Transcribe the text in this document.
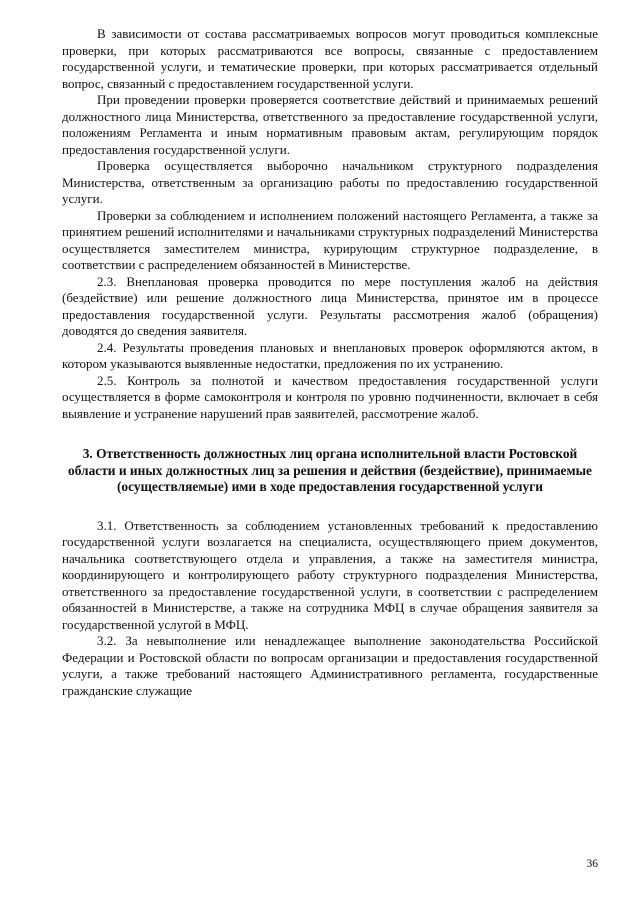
В зависимости от состава рассматриваемых вопросов могут проводиться комплексные проверки, при которых рассматриваются все вопросы, связанные с предоставлением государственной услуги, и тематические проверки, при которых рассматривается отдельный вопрос, связанный с предоставлением государственной услуги.

При проведении проверки проверяется соответствие действий и принимаемых решений должностного лица Министерства, ответственного за предоставление государственной услуги, положениям Регламента и иным нормативным правовым актам, регулирующим порядок предоставления государственной услуги.

Проверка осуществляется выборочно начальником структурного подразделения Министерства, ответственным за организацию работы по предоставлению государственной услуги.

Проверки за соблюдением и исполнением положений настоящего Регламента, а также за принятием решений исполнителями и начальниками структурных подразделений Министерства осуществляется заместителем министра, курирующим структурное подразделение, в соответствии с распределением обязанностей в Министерстве.

2.3. Внеплановая проверка проводится по мере поступления жалоб на действия (бездействие) или решение должностного лица Министерства, принятое им в процессе предоставления государственной услуги. Результаты рассмотрения жалоб (обращения) доводятся до сведения заявителя.

2.4. Результаты проведения плановых и внеплановых проверок оформляются актом, в котором указываются выявленные недостатки, предложения по их устранению.

2.5. Контроль за полнотой и качеством предоставления государственной услуги осуществляется в форме самоконтроля и контроля по уровню подчиненности, включает в себя выявление и устранение нарушений прав заявителей, рассмотрение жалоб.

3. Ответственность должностных лиц органа исполнительной власти Ростовской области и иных должностных лиц за решения и действия (бездействие), принимаемые (осуществляемые) ими в ходе предоставления государственной услуги

3.1. Ответственность за соблюдением установленных требований к предоставлению государственной услуги возлагается на специалиста, осуществляющего прием документов, начальника соответствующего отдела и управления, а также на заместителя министра, координирующего и контролирующего работу структурного подразделения Министерства, ответственного за предоставление государственной услуги, в соответствии с распределением обязанностей в Министерстве, а также на сотрудника МФЦ в случае обращения заявителя за государственной услугой в МФЦ.

3.2. За невыполнение или ненадлежащее выполнение законодательства Российской Федерации и Ростовской области по вопросам организации и предоставления государственной услуги, а также требований настоящего Административного регламента, государственные гражданские служащие

36
